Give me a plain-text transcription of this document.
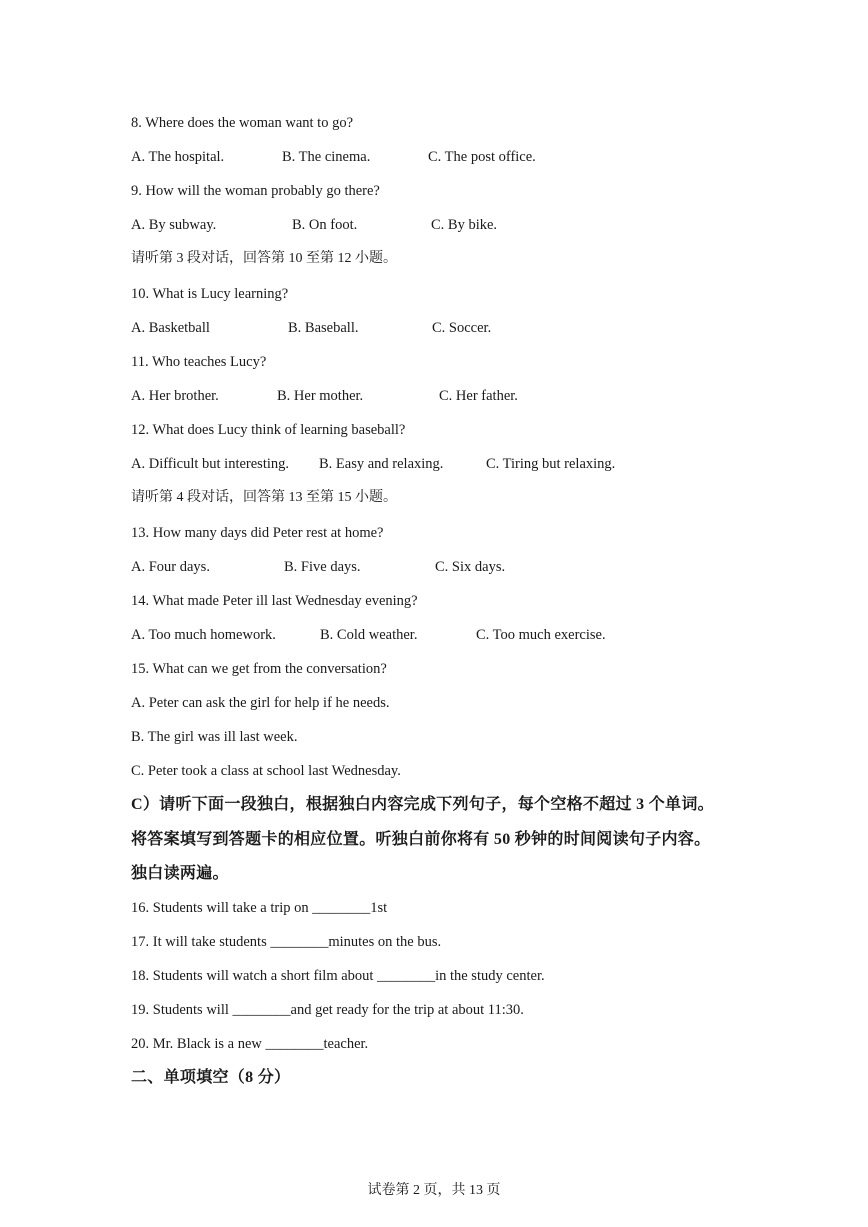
8. Where does the woman want to go?
A. The hospital.	B. The cinema.	C. The post office.
9. How will the woman probably go there?
A. By subway.	B. On foot.	C. By bike.
请听第 3 段对话，回答第 10 至第 12 小题。
10. What is Lucy learning?
A. Basketball	B. Baseball.	C. Soccer.
11. Who teaches Lucy?
A. Her brother.	B. Her mother.	C. Her father.
12. What does Lucy think of learning baseball?
A. Difficult but interesting. B. Easy and relaxing.	C. Tiring but relaxing.
请听第 4 段对话，回答第 13 至第 15 小题。
13. How many days did Peter rest at home?
A. Four days.	B. Five days.	C. Six days.
14. What made Peter ill last Wednesday evening?
A. Too much homework.	B. Cold weather.	C. Too much exercise.
15. What can we get from the conversation?
A. Peter can ask the girl for help if he needs.
B. The girl was ill last week.
C. Peter took a class at school last Wednesday.
C）请听下面一段独白，根据独白内容完成下列句子，每个空格不超过 3 个单词。
将答案填写到答题卡的相应位置。听独白前你将有 50 秒钟的时间阅读句子内容。
独白读两遍。
16. Students will take a trip on ________1st
17. It will take students ________minutes on the bus.
18. Students will watch a short film about ________in the study center.
19. Students will ________and get ready for the trip at about 11:30.
20. Mr. Black is a new ________teacher.
二、单项填空（8 分）
试卷第 2 页，共 13 页
